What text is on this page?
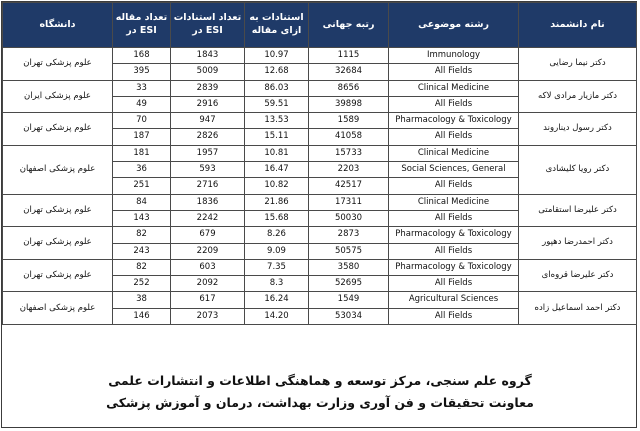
دانشگاه	تعداد مقاله در ESI	تعداد استنادات در ESI	استنادات به ازای مقاله	رتبه جهانی	رشته موضوعی	نام دانشمند
علوم پزشکی تهران	168	1843	10.97	1115	Immunology	دکتر نیما رضایی
	395	5009	12.68	32684	All Fields	
علوم پزشکی ایران	33	2839	86.03	8656	Clinical Medicine	دکتر مازیار مرادی لاکه
	49	2916	59.51	39898	All Fields	
علوم پزشکی تهران	70	947	13.53	1589	Pharmacology & Toxicology	دکتر رسول دیناروند
	187	2826	15.11	41058	All Fields	
علوم پزشکی اصفهان	181	1957	10.81	15733	Clinical Medicine	دکتر رویا کلیشادی
	36	593	16.47	2203	Social Sciences, General	
	251	2716	10.82	42517	All Fields	
علوم پزشکی تهران	84	1836	21.86	17311	Clinical Medicine	دکتر علیرضا استقامتی
	143	2242	15.68	50030	All Fields	
علوم پزشکی تهران	82	679	8.26	2873	Pharmacology & Toxicology	دکتر احمدرضا دهپور
	243	2209	9.09	50575	All Fields	
علوم پزشکی تهران	82	603	7.35	3580	Pharmacology & Toxicology	دکتر علیرضا قروه‌ای
	252	2092	8.3	52695	All Fields	
علوم پزشکی اصفهان	38	617	16.24	1549	Agricultural Sciences	دکتر احمد اسماعیل زاده
	146	2073	14.20	53034	All Fields	
گروه علم سنجی، مرکز توسعه و هماهنگی اطلاعات و انتشارات علمی
معاونت تحقیقات و فن آوری وزارت بهداشت، درمان و آموزش پزشکی
